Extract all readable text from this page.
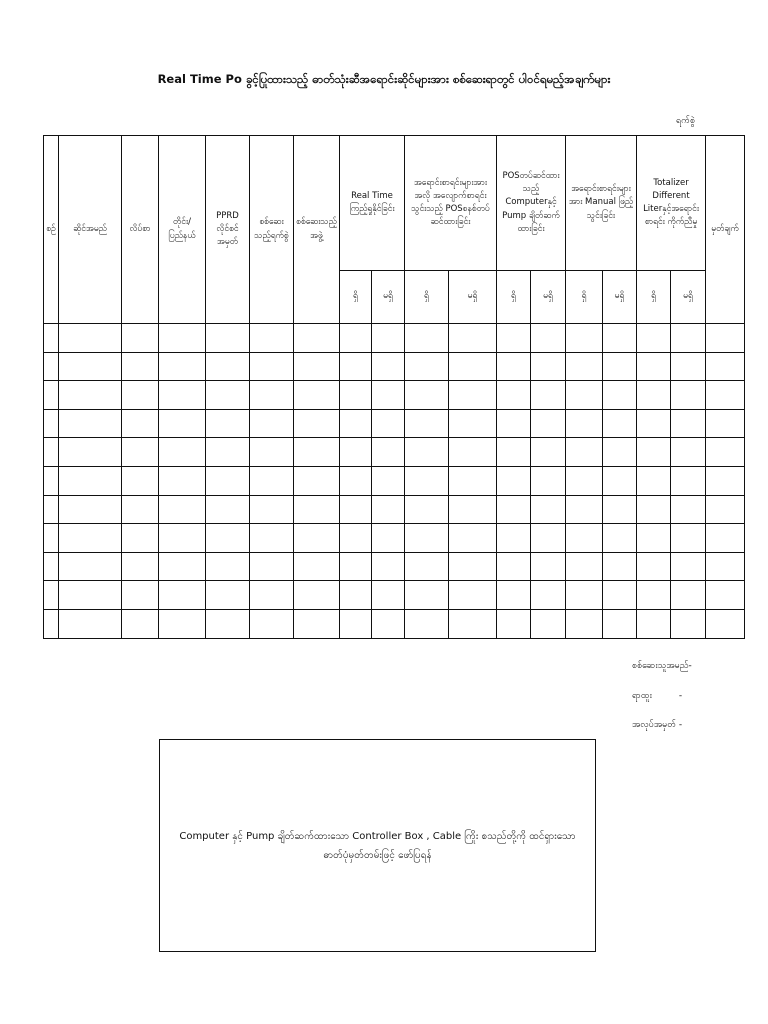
Real Time Po ခွင့်ပြုထားသည့် ဓာတ်သုံးဆီအရောင်းဆိုင်များအား စစ်ဆေးရာတွင် ပါဝင်ရမည့်အချက်များ
ရက်စွဲ
စဉ်	ဆိုင်အမည်	လိပ်စာ	တိုင်း/ ပြည်နယ်	PPRD လိုင်စင် အမှတ်	စစ်ဆေး သည့်ရက်စွဲ	စစ်ဆေးသည့် အဖွဲ့	Real Time ကြည့်ရှုနိုင်ခြင်း		အရောင်းစာရင်းများအားအလို အလျောက်စာရင်းသွင်းသည့် POSစနစ်တပ်ဆင်ထားခြင်း		POSတပ်ဆင်ထားသည့် Computerနှင့် Pump ချိတ်ဆက်ထားခြင်း		အရောင်းစာရင်းများအား Manual ဖြည့်သွင်းခြင်း		Totalizer Different Literနှင့်အရောင်းစာရင်း ကိုက်ညီမှု		မှတ်ချက်
							ရှိ	မရှိ	ရှိ	မရှိ	ရှိ	မရှိ	ရှိ	မရှိ	ရှိ	မရှိ	

စစ်ဆေးသူအမည်-
ရာထူး	-
အလုပ်အမှတ် -
Computer နှင့် Pump ချိတ်ဆက်ထားသော Controller Box , Cable ကြိုး စသည်တို့ကို ထင်ရှားသော
ဓာတ်ပုံမှတ်တမ်းဖြင့် ဖော်ပြရန်
